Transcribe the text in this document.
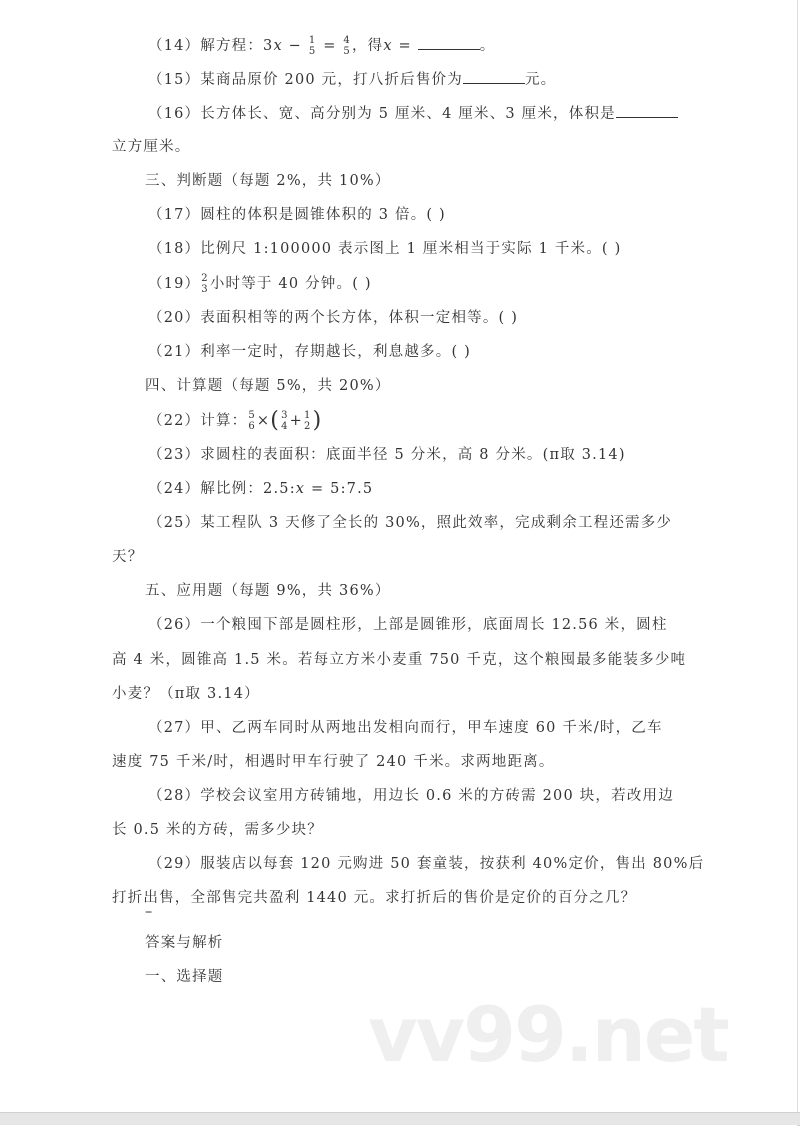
（14）解方程：3x − 1
5 = 4
5 ，得x =	。
（15）某商品原价 200 元，打八折后售价为	元。
（16）长方体长、宽、高分别为 5 厘米、4 厘米、3 厘米，体积是
立方厘米。
三、判断题（每题 2%，共 10%）
（17）圆柱的体积是圆锥体积的 3 倍。( )
（18）比例尺 1:100000 表示图上 1 厘米相当于实际 1 千米。( )
（19） 2
3 小时等于 40 分钟。( )
（20）表面积相等的两个长方体，体积一定相等。( )
（21）利率一定时，存期越长，利息越多。( )
四、计算题（每题 5%，共 20%）
（22）计算： 5
6 ×( 3
4 + 1
2 )
（23）求圆柱的表面积：底面半径 5 分米，高 8 分米。(π取 3.14)
（24）解比例：2.5:x = 5:7.5
（25）某工程队 3 天修了全长的 30%，照此效率，完成剩余工程还需多少
天？
五、应用题（每题 9%，共 36%）
（26）一个粮囤下部是圆柱形，上部是圆锥形，底面周长 12.56 米，圆柱
高 4 米，圆锥高 1.5 米。若每立方米小麦重 750 千克，这个粮囤最多能装多少吨
小麦？（π取 3.14）
（27）甲、乙两车同时从两地出发相向而行，甲车速度 60 千米/时，乙车
速度 75 千米/时，相遇时甲车行驶了 240 千米。求两地距离。
（28）学校会议室用方砖铺地，用边长 0.6 米的方砖需 200 块，若改用边
长 0.5 米的方砖，需多少块？
（29）服装店以每套 120 元购进 50 套童装，按获利 40%定价，售出 80%后
打折出售，全部售完共盈利 1440 元。求打折后的售价是定价的百分之几？
–
答案与解析
一、选择题
vv99.net
